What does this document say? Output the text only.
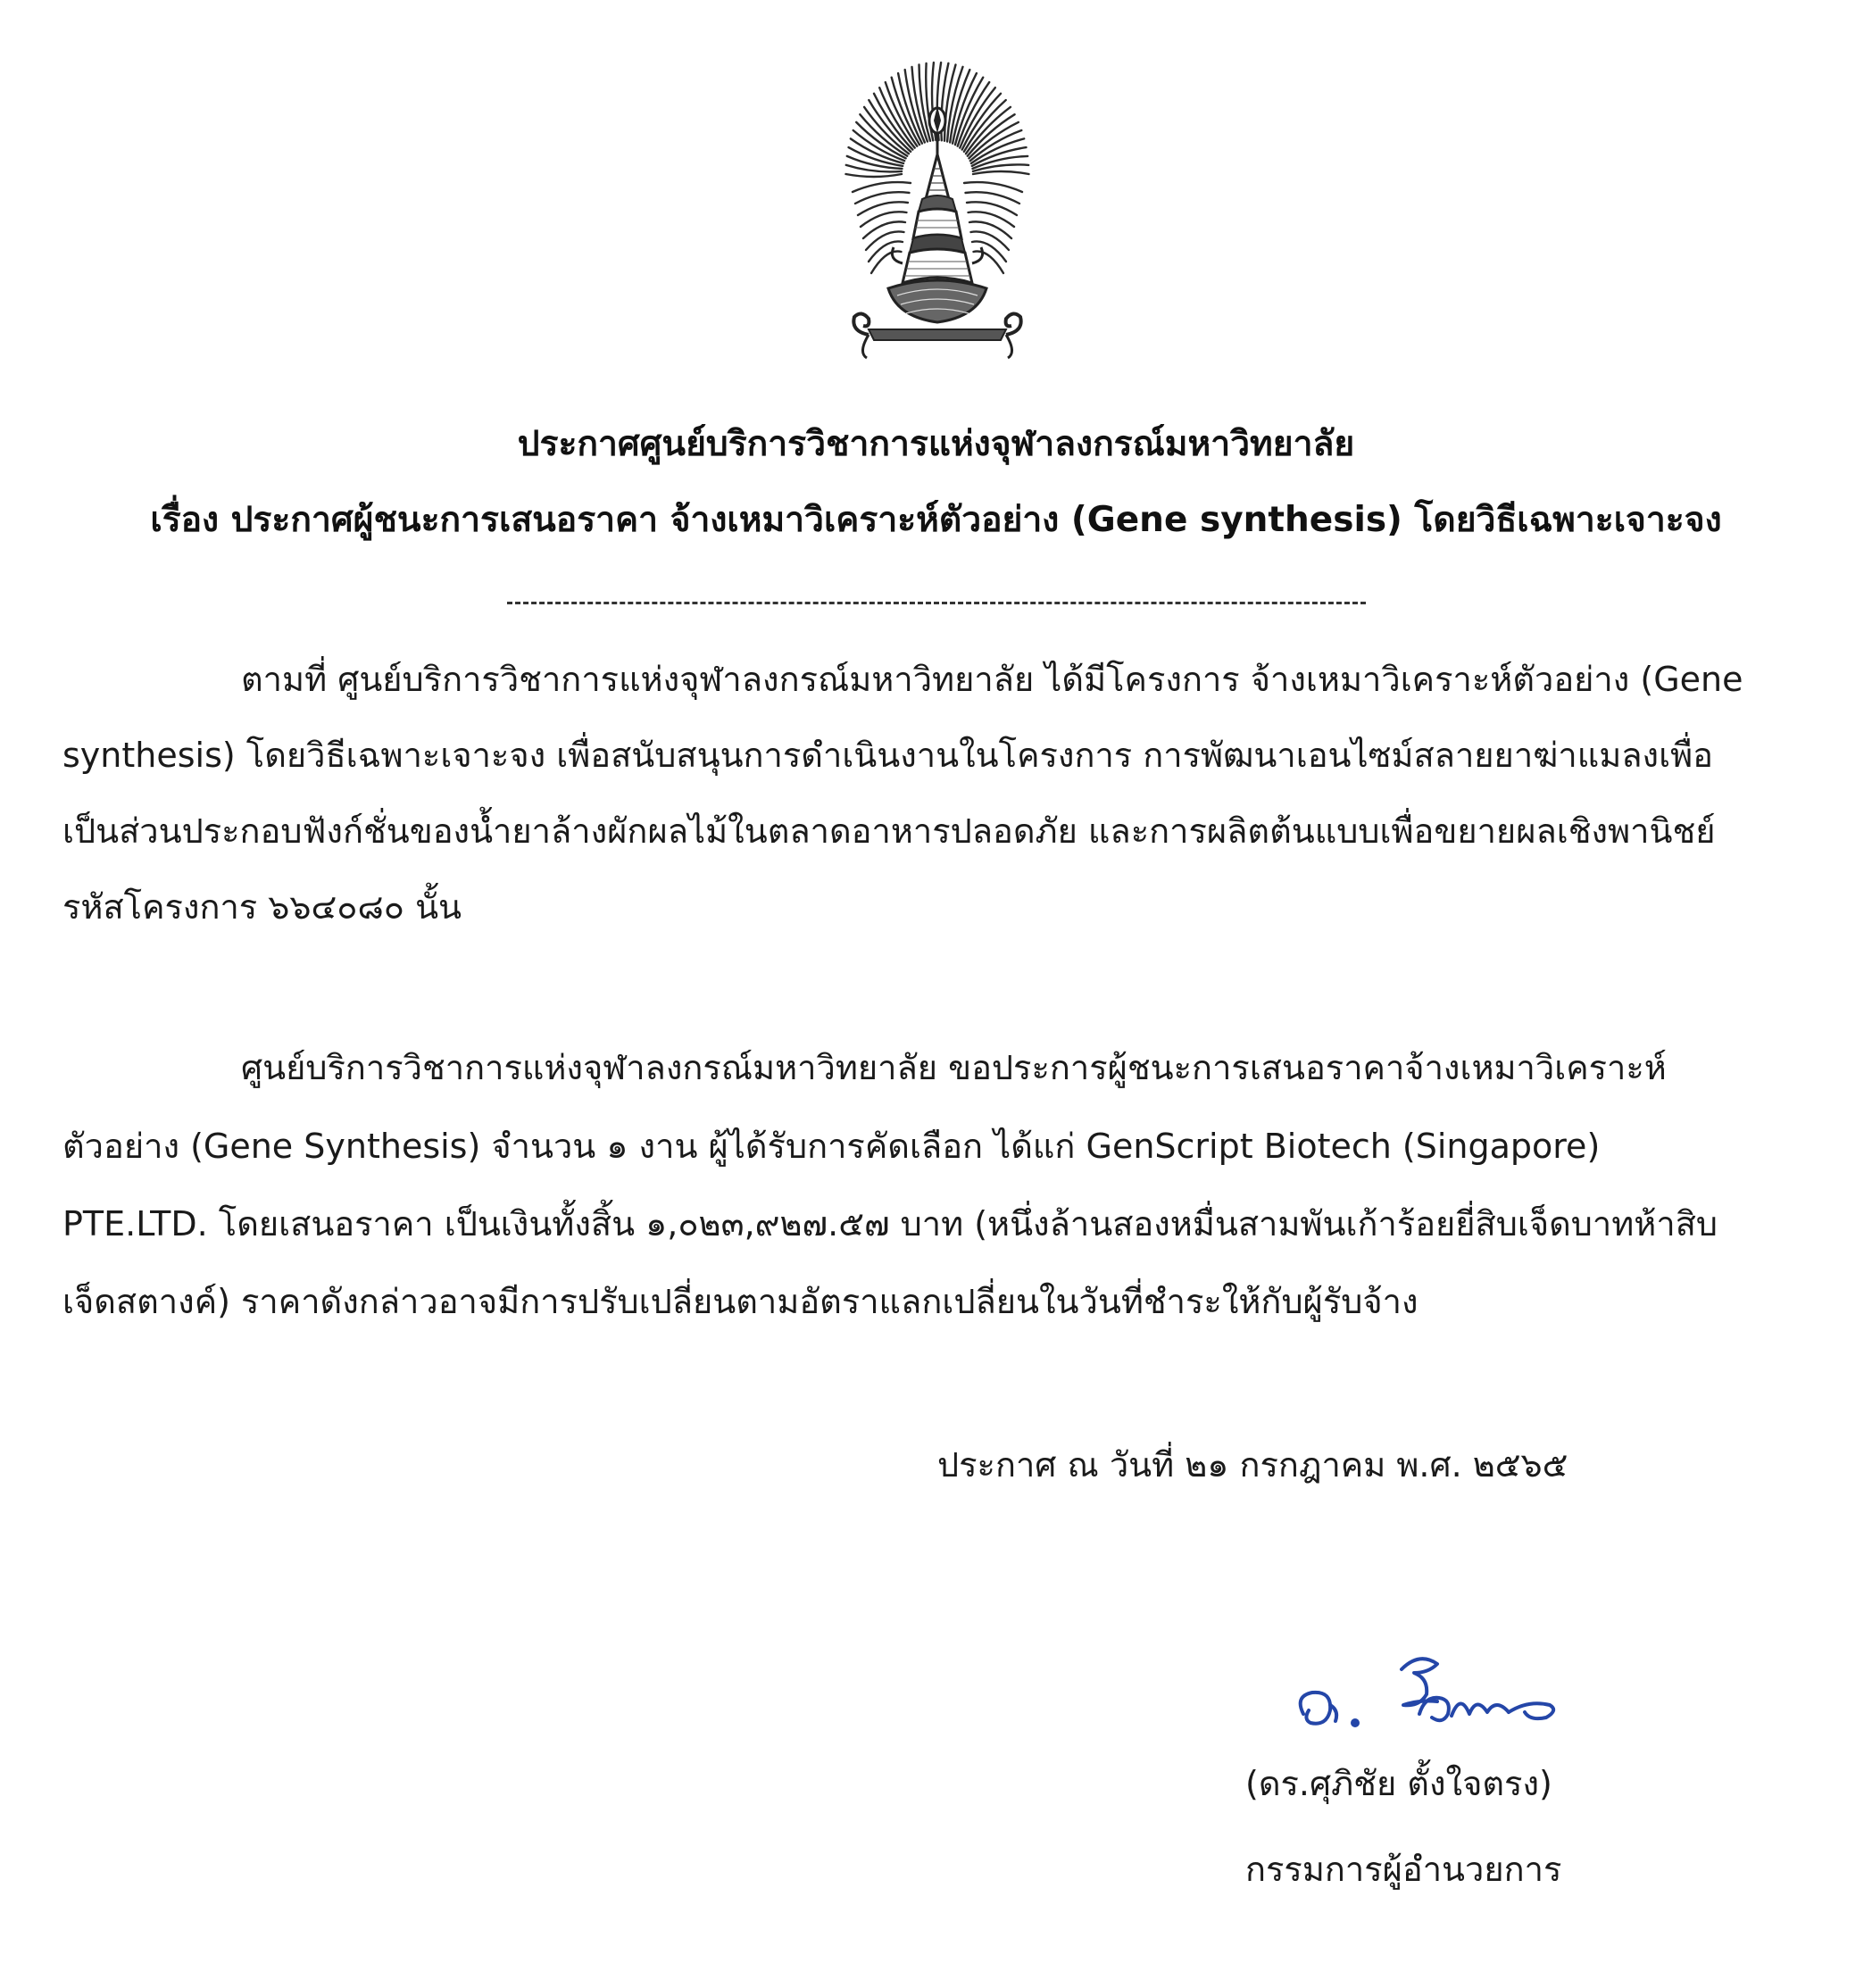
ประกาศศูนย์บริการวิชาการแห่งจุฬาลงกรณ์มหาวิทยาลัย
เรื่อง ประกาศผู้ชนะการเสนอราคา จ้างเหมาวิเคราะห์ตัวอย่าง (Gene synthesis) โดยวิธีเฉพาะเจาะจง
ตามที่ ศูนย์บริการวิชาการแห่งจุฬาลงกรณ์มหาวิทยาลัย ได้มีโครงการ จ้างเหมาวิเคราะห์ตัวอย่าง (Gene
synthesis) โดยวิธีเฉพาะเจาะจง เพื่อสนับสนุนการดำเนินงานในโครงการ การพัฒนาเอนไซม์สลายยาฆ่าแมลงเพื่อ
เป็นส่วนประกอบฟังก์ชั่นของน้ำยาล้างผักผลไม้ในตลาดอาหารปลอดภัย และการผลิตต้นแบบเพื่อขยายผลเชิงพานิชย์
รหัสโครงการ ๖๖๔๐๘๐ นั้น
ศูนย์บริการวิชาการแห่งจุฬาลงกรณ์มหาวิทยาลัย ขอประการผู้ชนะการเสนอราคาจ้างเหมาวิเคราะห์
ตัวอย่าง (Gene Synthesis) จำนวน ๑ งาน ผู้ได้รับการคัดเลือก ได้แก่ GenScript Biotech (Singapore)
PTE.LTD. โดยเสนอราคา เป็นเงินทั้งสิ้น ๑,๐๒๓,๙๒๗.๕๗ บาท (หนึ่งล้านสองหมื่นสามพันเก้าร้อยยี่สิบเจ็ดบาทห้าสิบ
เจ็ดสตางค์) ราคาดังกล่าวอาจมีการปรับเปลี่ยนตามอัตราแลกเปลี่ยนในวันที่ชำระให้กับผู้รับจ้าง
ประกาศ ณ วันที่ ๒๑ กรกฎาคม พ.ศ. ๒๕๖๕
(ดร.ศุภิชัย ตั้งใจตรง)
กรรมการผู้อำนวยการ
